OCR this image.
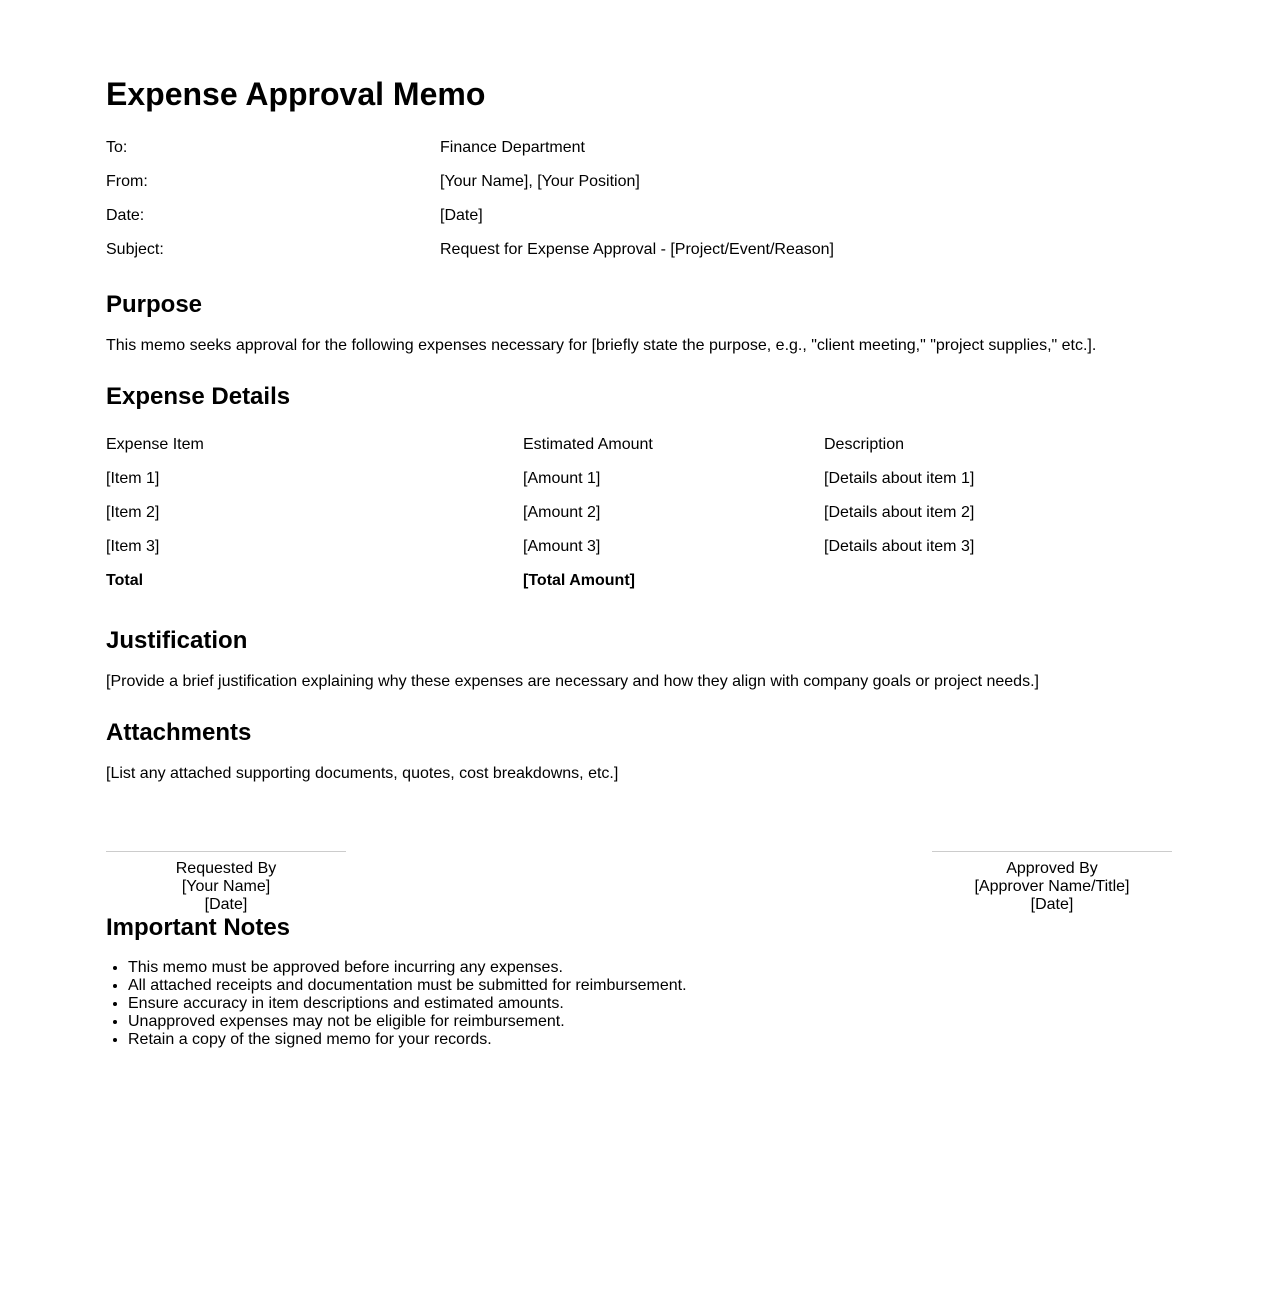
Expense Approval Memo
To:	Finance Department
From:	[Your Name], [Your Position]
Date:	[Date]
Subject:	Request for Expense Approval - [Project/Event/Reason]
Purpose

This memo seeks approval for the following expenses necessary for [briefly state the purpose, e.g., "client meeting," "project supplies," etc.].

Expense Details
Expense Item	Estimated Amount	Description
[Item 1]	[Amount 1]	[Details about item 1]
[Item 2]	[Amount 2]	[Details about item 2]
[Item 3]	[Amount 3]	[Details about item 3]
Total	[Total Amount]	
Justification

[Provide a brief justification explaining why these expenses are necessary and how they align with company goals or project needs.]

Attachments

[List any attached supporting documents, quotes, cost breakdowns, etc.]

Requested By
[Your Name]
[Date]
Approved By
[Approver Name/Title]
[Date]
Important Notes
• This memo must be approved before incurring any expenses.
• All attached receipts and documentation must be submitted for reimbursement.
• Ensure accuracy in item descriptions and estimated amounts.
• Unapproved expenses may not be eligible for reimbursement.
• Retain a copy of the signed memo for your records.
